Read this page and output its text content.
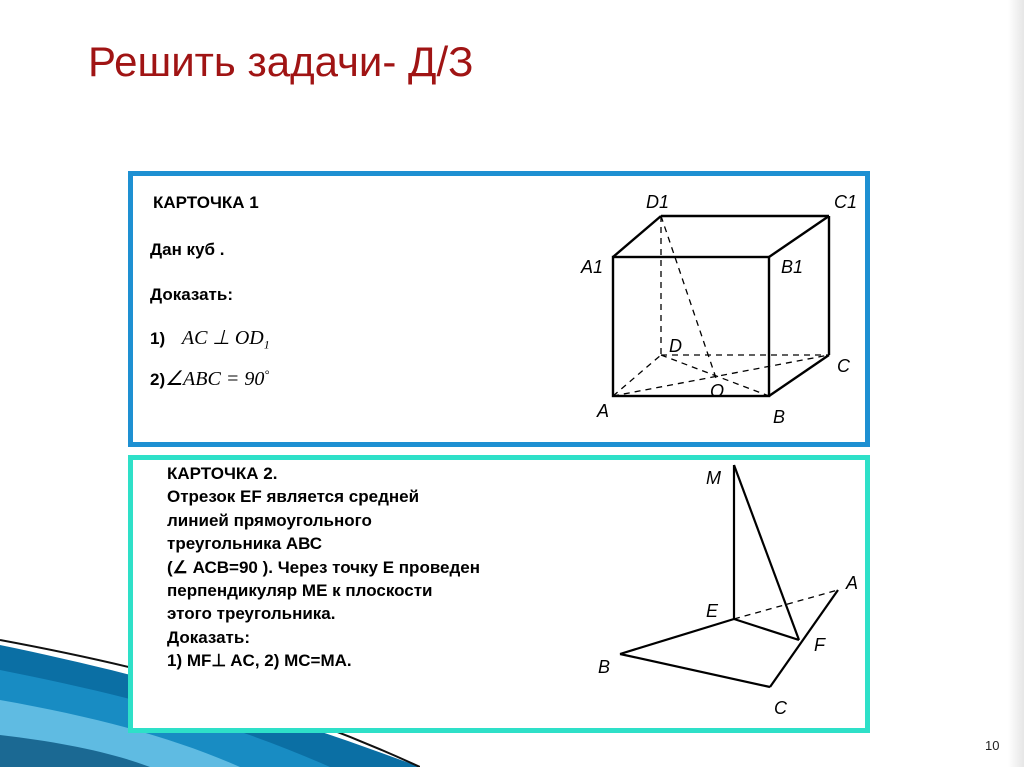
Решить задачи- Д/З
КАРТОЧКА 1
Дан куб .
Доказать:
1) AC ⊥ $OD_1$
2)∠ABC = 90°
D1	C1
A1	B1
D
C
A
O
B
КАРТОЧКА 2.
Отрезок EF является средней
линией прямоугольного
треугольника АВС
(∠ АСВ=90 ). Через точку Е проведен
перпендикуляр МЕ к плоскости
этого треугольника.
Доказать:
1) MF⊥ AC, 2) MC=MA.
M
A
E
F
B
C
10
